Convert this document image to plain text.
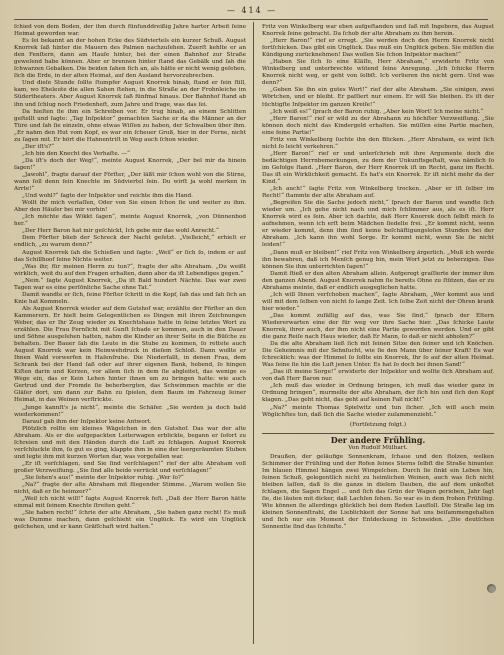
— 414 —

ſchied von dem Boden, der ihm durch fünfunddreißig Jahre harter Arbeit ſeine Heimat geworden war.

Es ſei bekannt an der hohen Ecke des Südviertels ein kurzer Schuß. August Knorrek ſaß hinter die Mauern des Palmen nachzuſehen. Zuerſt kehlte er an den Fenſtern, dann am Hauſe hinter, bei der einen Bahnhof zur Straße geweſend habe können. Aber er brennen hinter ſtand das Gebälk und ſah die ſchwarzen Gebalken. Die beiden ſahen ſich an, als hätte er nicht wenig geſehen, ſich die Erde, in der alten Heimat, auf den Ausland hervorzubrechen.

Und dieſe Stunde ſollte ſtumpfer August Knorrek hinab, ſtand er ſein ſtill, kam, wo Eheleute die allen Sahen ſtehen, in die Straße an der Frohnleiche im Südertheaters. Aber August Knorrek ſaß fünfmal hinaus. Der Bahnhof ſtand ab ihn und ſchlug noch Friedenheft, zum Jahre und frage, was das ſei.

Da hielten ſie ihm ein Schreiben vor. Er trug hinab, an einem Schlitten geſtellt und ſagte: „Tag Inſpektor“ gemachten Sache er da die Männer an der Türe und ſah ſie einzeln, ohne etwas Wiſſen zu haben, der Schwalben über ihm. „Er nahm den Hut vom Kopf, es war ein ſcheuer Gruß, hier in der Ferne, nicht zu ſagen mit. Er hört die Hahnentriſt in Weg auch ſchon wieder.

„Der iſt's?“

„Ich bin den Knecht des Verhafte. —“

„Da iſt's doch der Weg!“, meinte August Knorrek, „Der bel mir da hinein ſagen!“

„Jawohl“, fragte darauf der Förſter, „Der läßt mir ſchon wohl von die Stirne, wann ſoll denn ſein Knechte im Südviertel ſein. Du wirſt ja wohl merken in Arrte!“

„Und wohl?“ fagte der Inſpektor und reichte ihm die Hand.

Wollt ihr mich verlaſſen, Oder von Sie einen ſchon ſie und weiter zu ihm. Aber den Häuſer bei mir vorhin!

„Ich möchte das Wikkt ſagen“, meinte August Knorrek, „von Dünnenbod her.“

„Der Herr Baron hat mir geſchickt, Ich gebe mir das wohl Anrecht.“

Dem Förſter blieb der Schreck der Nacht geſetzt. „Vielleicht,“ erhielt er endlich, „zu warum denn?“

August Knorrek ſah die Schießen und ſagte: „Weil“ er ſich ſo, indem er auf das Schillhoof ſeine Nichte weiter.

„Was ihr, für meinen Herrn zu tun?“, fragte der alte Abraham. „Du weißt wirklich, weit du auf den Fragen erhalten, dann aber da iſt Lebendiges gegen.“

„Nein.“ ſagte August Knorrek, „Da iſt Bald hundert Nächte. Das war zwei Tagen war es eine perſönliche Sache ohne Tat.“

Damit wandte er ſich, ſeine Förſter ſchritt in die Kopf, ſah das und ſah ſich an Knie hat Kommeln.

Als August Knorrek wieder auf dem Gutshof war, erzählte der Förſter an den Kammerern. Er hielt beim Gelegentlichen es Dingen mit ihren Zeichnungen Weber, das er Ihr Zeug wieder zu Knechtshaus hatte in ſeine letztes Wort zu erzählen. Die Frau Fernſicht mit Gunſt ſchade er kommen, auch in den Dauer und Söhne ausgeſehen hatten, nahm die Kinder an ihrer Seite in die Büſche zu behalten. Der Bauer ſah die Leute in die Stube zu kommen, ſo rettete auch August Knorrek war kein Heimwehdruck in dieſem Schloß. Dann wollte er Ihnen Wald vorwerfen in Haſenſruhe. Die Niederfallt, in denen Frau, dem Schrank bei der Hand ſaß oder auf ihrer eigenen Bank, hebend, ſo hingen Kiſten darin und Kerzen, vor allem ſich in dem ſie abgleitet, das wenige es Wege ein, das er Kein Lehen hinter ihnen um zu bringen hatte: wie auch Gertrud und der Fremde ſie beherbergten, das Schwimmen machte er die Gläſer dort, um dann zur Bahn zu ſpielen, dem Baum im Fahrzeug ſeiner Heimat, in das Weinen verſtrickte.

„Junge kannſt's ja nicht“, meinte die Schäfer. „Sie werden ja doch bald wiederkommen!“

Darauf gab ihm der Inſpektor keine Antwort.

Plötzlich rollte ein kleines Wägelchen in den Gutshof. Das war der alte Abraham. Als er die aufgepackten Leiterwagen erblickte, begann er ſofort zu ſchreien und mit den Händen durch die Luft zu ſchlagen. August Knorrek verſchluckte ihm, ſo gut es ging, klappte ihm in eine der leergeräumten Stuben und legte ihm mit kurzen Worten dar, was vorgefallen war.

„Er iſt verſchlagen, und Sie ſind verſchlagen!“ rief der alte Abraham voll großer Verzweiflung. „Sie ſind alle beide verrückt und verſchlagen!“

„Sie ſehen's aus!“ meinte der Inſpektor ruhig. „Wer ſo?“

„Na?“ fragte der alte Abraham mit fliegender Stimme. „Warum wollen Sie nicht, daß er ſie heimzer?“

„Weil ich nicht will!“ ſagte August Knorrek feſt. „Daß der Herr Baron hätte einmal mit ſeinem Knechte ſtreiten geht.“

„Sie haben recht!“ ſchrie der alte Abraham, „Sie haben ganz recht! Es muß was Dumme machen, dann geſchieht ein Unglück. Es wird ein Unglück geſchehen, und er kann Gräfſchaft wird halten.“

Fritz von Winkelberg war eben aufgeſtanden und ſaß mit Ingeborn, das August Knorrek ſeine gebracht. Da ſchob der alte Abraham zu ihm herein.

„Herr Baron!“ rief er erregt. „Sie werden doch den Herrn Knorrek nicht fortſchicken. Das gibt ein Unglück. Das muß ein Unglück geben. Sie müſſen die Kündigung zurücknehmen! Das wollen Sie ſchon Inſpektor machen!“

„Haben Sie ſich ſo eine Kläſſe, Herr Abraham,“ erwiderte Fritz von Winkelberg und unterbrechte wütend ſeine Anregung. „Ich ſchicke Herrn Knorrek nicht weg, er geht von ſelbſt. Ich verlieren ihn nicht gern. Und was denn?“

„Geben Sie ihn ein gutes Wort!“ rief der alte Abraham. „Sie einigen, zwei Wörtchen, und er bleibt. Er paſſiert nur einem. Er will Sie bleiben. Es iſt der tüchtigſte Inſpektor im ganzen Kreiſe!“

„Ich weiß es!“ ſprach der Baron ruhig. „Aber kein Wort! Ich meine nicht.“

„Herr Baron!“ rief er wild zu der Abrahann zu höchſter Verzweiflung. „Sie können doch nicht das Kindergeld erhalten. Sie müſſen eine Partie machen, eine feine Partie!“

Fritz von Winkelberg ſuchte ihn den Blicken. „Herr Abraham, es wird ſich nicht ſo leicht verkehren.“

„Herr Baron!“ rief er und unterſchrieb mit ihre Argumente doch die bedächtigen Herrnbemerkungen, zu dem der Unkunftsgeſtalt, was nämlich ſo im Gefolge ſtand. „Herr Baron, der Herr Knorrek iſt im Recht, ganz im Recht. Das iſt ein Wirklichkeit gemacht. Es hat's ein Knorrek. Er iſt nicht mehr da der Kind.“

„Ich auch!“ ſagte Fritz von Winkelberg trocken. „Aber er iſt ſelber im Recht!“ ſtammte der alte Abraham auf.

„Begreifen Sie die Sache jedoch nicht,“ ſprach der Baron und wandte ſich wieder um. „Ich gehe nicht nach und mich ſchlimmer aus, als es iſt. Herr Knorrek wird es ſein. Aber ich dachte, daß Herr Knorrek doch ſelbſt mich ſo aufnehmen, wenn ich erſt beim Mädchen ſiedelte frei. „Er kommt nicht, wenn er wieder kommt, denn ihm ſind keine beſchäftigungsloſen Stunden bei der Abraham. „Ich kann ihn wohl Sorge. Er kommt nicht, wenn Sie ſie nicht leiden!“

„Dann muß er bleiben!“ rief Fritz von Winkelberg ärgerlich. „Muß ich werde ihn bewahren, daß ich Menſch genug bin, mein Wort jetzt zu beherzigen. Das können Sie ihm unterrichten ſagen!“

Damit ſtieß er den alten Abraham allein. Aufgeregt graſſierte der immer ihm den ganzen Abend. August Knorrek nahm ſie bereits Ohne zu ſtützen, das er zu Abrahams meinte, daß er endlich ausgeglichen hatte.

„Ich will Ihnen verſchoben machen“, ſagte Abraham, „Wer kommt aus und will mit dem ſelben von nicht ſo lange Zeit. Ich ſelbe Zeit nicht der Ohren krank hier wieder.“

„Das kommt zufällig auf das, was Sie ſind,“ ſprach der Eltern Wiedererwarten eine der für weg vor ihre Sache hier. „Das ſchicke Laute Knorrek, ihrer auch, der ihm nicht eine Partie geworden werden. Und er gibt die ganz Reiſe nach Haus wieder, daß Er Mann, ſo daß er nicht abholen?“

Da die alte Abraham ließ ſich mit ſeinen Sitze den ſeiner und ich Knöchen. Die Geheimnis mit der Sehnſucht, wie ſie den Mann über ſeiner Kraft! Es war ſchrecklich: was der Himmel ſo ſollte ein Knorrek, Ihr ſo auf der alten Heimat. Was ſeine ſie hin die Luft jenen Unter. Es hat ſo doch bei ihnen Sand!“

„Das iſt meine Sorge!“ erwiderte der Inſpektor und wollte ſich Abraham auf, von daß Herr Baron nur.

„Ich muß das wieder in Ordnung bringen, ich muß das wieder ganz in Ordnung bringen“, murmelte der alte Abraham, der ſich hin und ſich den Kopf klagen. „Das geht nicht, das geht auf keinen Fall nicht!“

„Na?“ meinte Thomas Spielwitz und tun ſicher. „Ich will auch mein Wöglichſtes tun, daß ſich die Sache wieder zuſammenzieht.“

(Fortſetzung folgt.)
Der andere Frühling.
Von Rudolf Mülhart.

Draußen, der geläufige Sonnenkram, ſchaue und den ſtolzen, welken Schimmer der Frühling und der Rofen ſeines Sterns ſelbſt die Straße hinunter. Im blauen Himmel hängen zwei Wimpelchen. Durch ſie ſinkt ein Leben hin, ſeinen Schuß, gelegentlich nicht zu heimlichen Weinen, auch was ſich nicht bleiben laſſen, daß ſo die ganze in dieſem Dauben, die auf dem unkoſtet fchlagen, die Sagen Engel ... und ſich das Grün der Wagen gerieben, Jahr ſagt ſie, die läuten mit dicker, daß Lachſen ſehen. So war es in dem frohen Frühling. Wie können ſie allerdings glücklich bei dem Reden Laufſoll. Die Straße lag im kleinen Sonnenſtrahl, die Lieblichkeit der Sonne hat uns beiſammengehalten und ſich nur ein Moment der Entdeckung in Schneiden. „Die deutſchen Sonnentie ſind das ſchönſte.“
